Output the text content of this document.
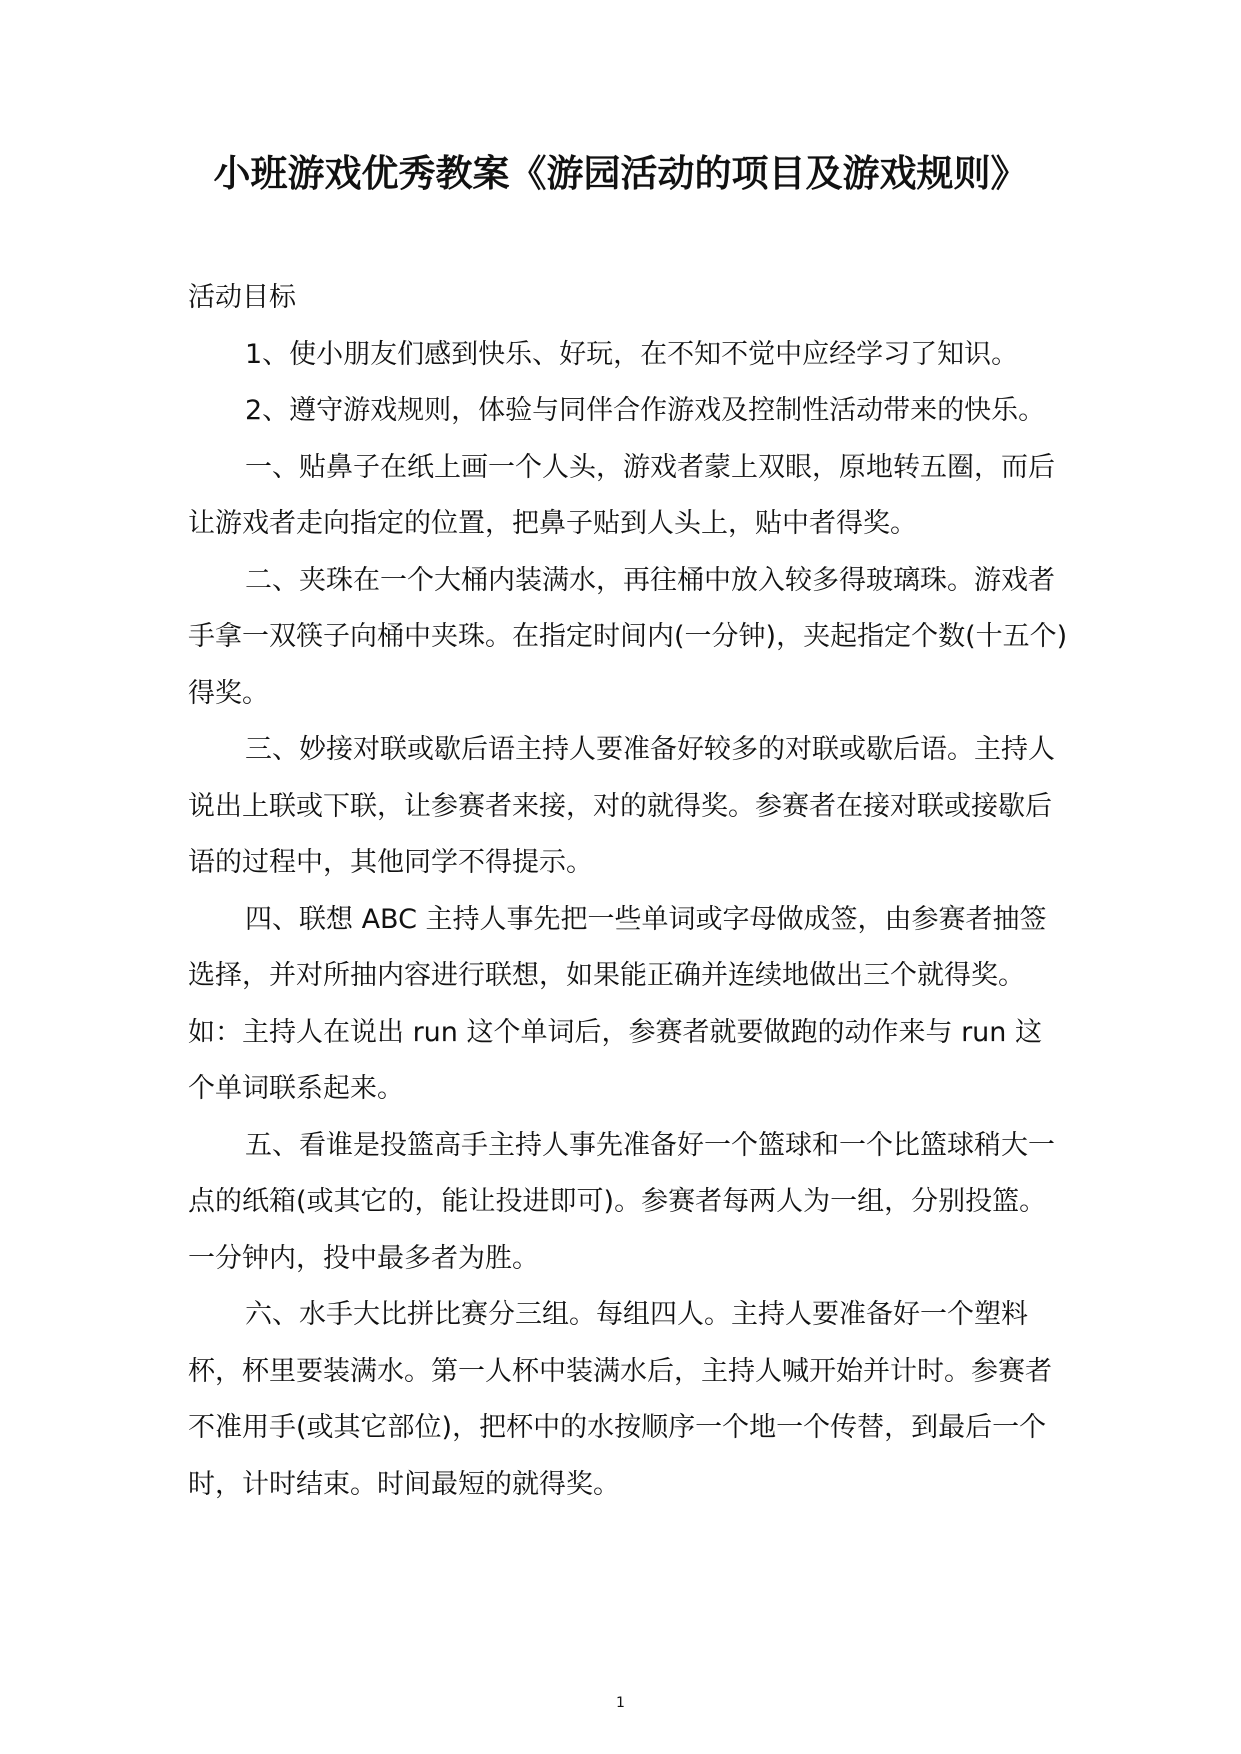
小班游戏优秀教案《游园活动的项目及游戏规则》

活动目标

1、使小朋友们感到快乐、好玩，在不知不觉中应经学习了知识。

2、遵守游戏规则，体验与同伴合作游戏及控制性活动带来的快乐。

一、贴鼻子在纸上画一个人头，游戏者蒙上双眼，原地转五圈，而后让游戏者走向指定的位置，把鼻子贴到人头上，贴中者得奖。

二、夹珠在一个大桶内装满水，再往桶中放入较多得玻璃珠。游戏者手拿一双筷子向桶中夹珠。在指定时间内(一分钟)，夹起指定个数(十五个)得奖。

三、妙接对联或歇后语主持人要准备好较多的对联或歇后语。主持人说出上联或下联，让参赛者来接，对的就得奖。参赛者在接对联或接歇后语的过程中，其他同学不得提示。

四、联想 ABC 主持人事先把一些单词或字母做成签，由参赛者抽签选择，并对所抽内容进行联想，如果能正确并连续地做出三个就得奖。如：主持人在说出 run 这个单词后，参赛者就要做跑的动作来与 run 这个单词联系起来。

五、看谁是投篮高手主持人事先准备好一个篮球和一个比篮球稍大一点的纸箱(或其它的，能让投进即可)。参赛者每两人为一组，分别投篮。一分钟内，投中最多者为胜。

六、水手大比拼比赛分三组。每组四人。主持人要准备好一个塑料杯，杯里要装满水。第一人杯中装满水后，主持人喊开始并计时。参赛者不准用手(或其它部位)，把杯中的水按顺序一个地一个传替，到最后一个时，计时结束。时间最短的就得奖。

1
